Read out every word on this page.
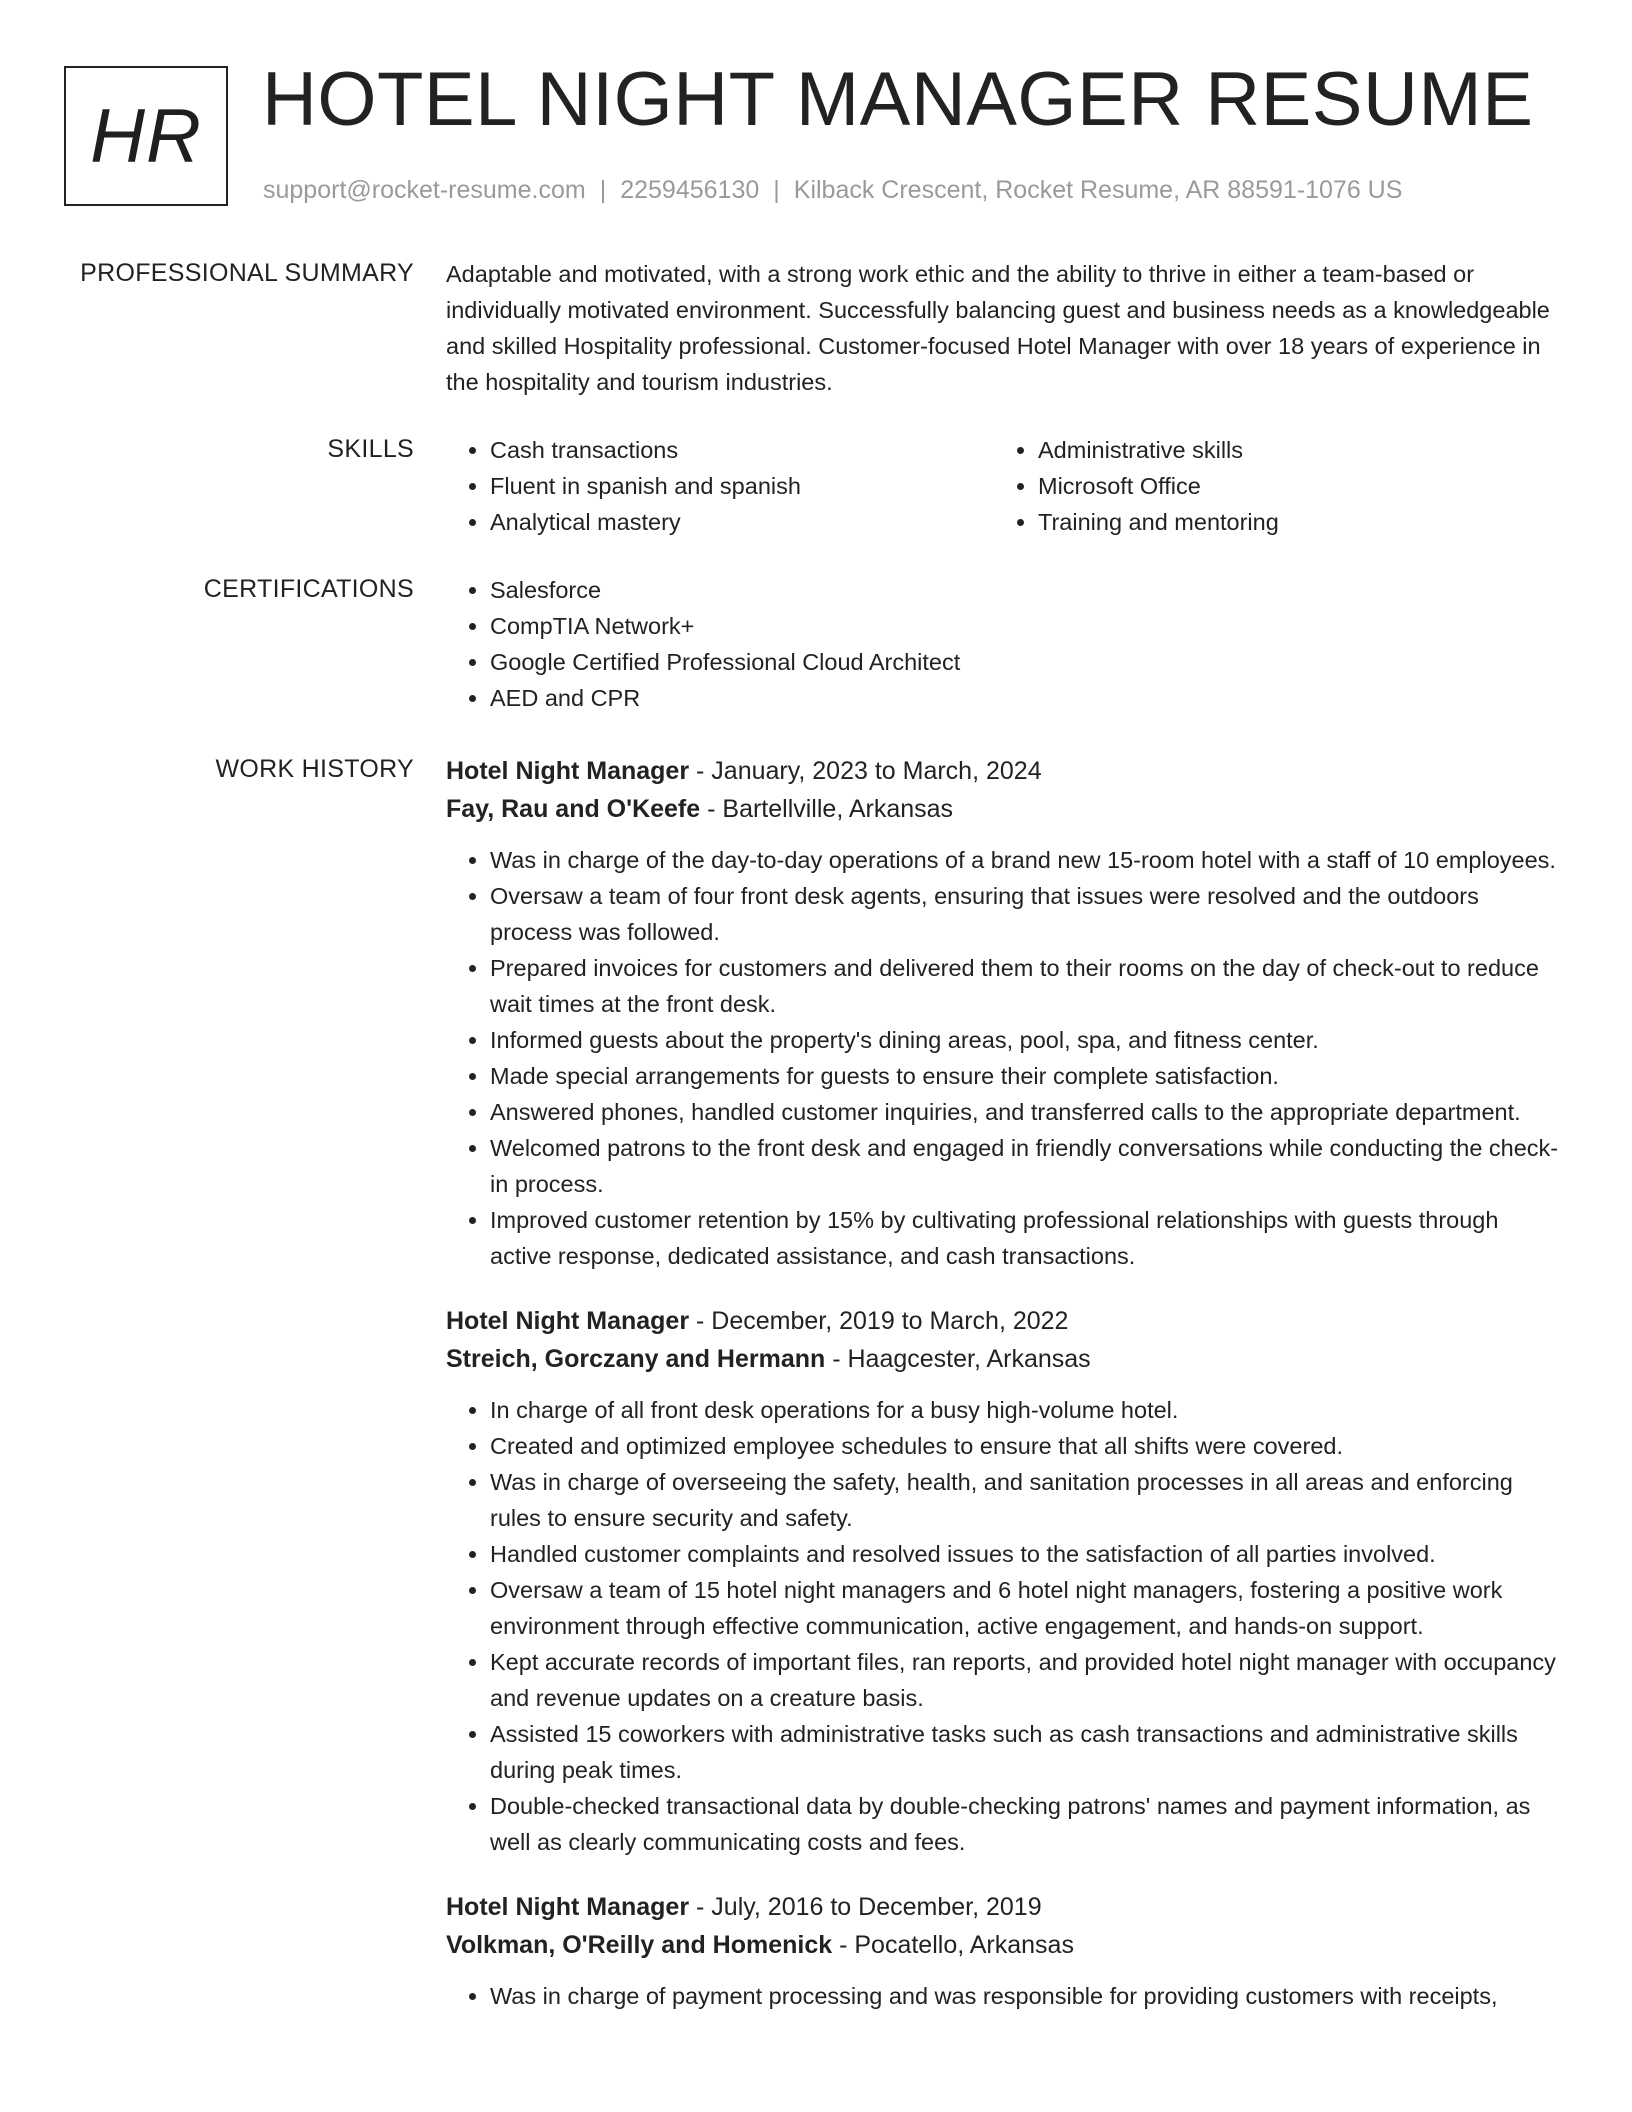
HR HOTEL NIGHT MANAGER RESUME
support@rocket-resume.com | 2259456130 | Kilback Crescent, Rocket Resume, AR 88591-1076 US
PROFESSIONAL SUMMARY Adaptable and motivated, with a strong work ethic and the ability to thrive in either a team-based or individually motivated environment. Successfully balancing guest and business needs as a knowledgeable and skilled Hospitality professional. Customer-focused Hotel Manager with over 18 years of experience in the hospitality and tourism industries.

SKILLS	• Cash transactions
• Fluent in spanish and spanish
• Analytical mastery
• Administrative skills
• Microsoft Office
• Training and mentoring
CERTIFICATIONS	• Salesforce
• CompTIA Network+
• Google Certified Professional Cloud Architect
• AED and CPR
WORK HISTORY Hotel Night Manager - January, 2023 to March, 2024
Fay, Rau and O'Keefe - Bartellville, Arkansas
• Was in charge of the day-to-day operations of a brand new 15-room hotel with a staff of 10 employees.
• Oversaw a team of four front desk agents, ensuring that issues were resolved and the outdoors process was followed.
• Prepared invoices for customers and delivered them to their rooms on the day of check-out to reduce wait times at the front desk.
• Informed guests about the property's dining areas, pool, spa, and fitness center.
• Made special arrangements for guests to ensure their complete satisfaction.
• Answered phones, handled customer inquiries, and transferred calls to the appropriate department.
• Welcomed patrons to the front desk and engaged in friendly conversations while conducting the check-in process.
• Improved customer retention by 15% by cultivating professional relationships with guests through active response, dedicated assistance, and cash transactions.
Hotel Night Manager - December, 2019 to March, 2022
Streich, Gorczany and Hermann - Haagcester, Arkansas
• In charge of all front desk operations for a busy high-volume hotel.
• Created and optimized employee schedules to ensure that all shifts were covered.
• Was in charge of overseeing the safety, health, and sanitation processes in all areas and enforcing rules to ensure security and safety.
• Handled customer complaints and resolved issues to the satisfaction of all parties involved.
• Oversaw a team of 15 hotel night managers and 6 hotel night managers, fostering a positive work environment through effective communication, active engagement, and hands-on support.
• Kept accurate records of important files, ran reports, and provided hotel night manager with occupancy and revenue updates on a creature basis.
• Assisted 15 coworkers with administrative tasks such as cash transactions and administrative skills during peak times.
• Double-checked transactional data by double-checking patrons' names and payment information, as well as clearly communicating costs and fees.
Hotel Night Manager - July, 2016 to December, 2019
Volkman, O'Reilly and Homenick - Pocatello, Arkansas
• Was in charge of payment processing and was responsible for providing customers with receipts,
